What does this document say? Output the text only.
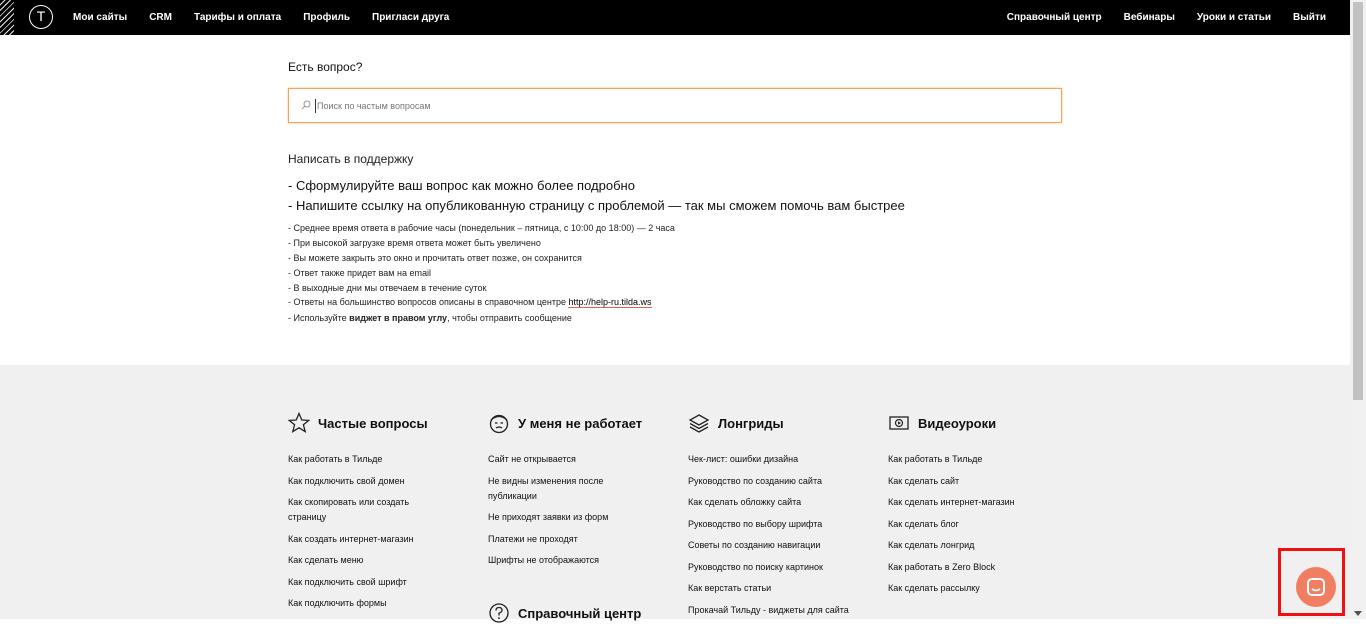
T	Мои сайты CRM Тарифы и оплата Профиль Пригласи друга	Справочный центр Вебинары Уроки и статьи Выйти
Есть вопрос?
Поиск по частым вопросам
Написать в поддержку
- Сформулируйте ваш вопрос как можно более подробно
- Напишите ссылку на опубликованную страницу с проблемой — так мы сможем помочь вам быстрее
- Среднее время ответа в рабочие часы (понедельник – пятница, с 10:00 до 18:00) — 2 часа
- При высокой загрузке время ответа может быть увеличено
- Вы можете закрыть это окно и прочитать ответ позже, он сохранится
- Ответ также придет вам на email
- В выходные дни мы отвечаем в течение суток
- Ответы на большинство вопросов описаны в справочном центре http://help-ru.tilda.ws
- Используйте виджет в правом углу, чтобы отправить сообщение
Частые вопросы
Как работать в Тильде
Как подключить свой домен
Как скопировать или создать страницу
Как создать интернет-магазин
Как сделать меню
Как подключить свой шрифт
Как подключить формы
У меня не работает
Сайт не открывается
Не видны изменения после публикации
Не приходят заявки из форм
Платежи не проходят
Шрифты не отображаются
Справочный центр
Лонгриды
Чек-лист: ошибки дизайна
Руководство по созданию сайта
Как сделать обложку сайта
Руководство по выбору шрифта
Советы по созданию навигации
Руководство по поиску картинок
Как верстать статьи
Прокачай Тильду - виджеты для сайта
Видеоуроки
Как работать в Тильде
Как сделать сайт
Как сделать интернет-магазин
Как сделать блог
Как сделать лонгрид
Как работать в Zero Block
Как сделать рассылку
